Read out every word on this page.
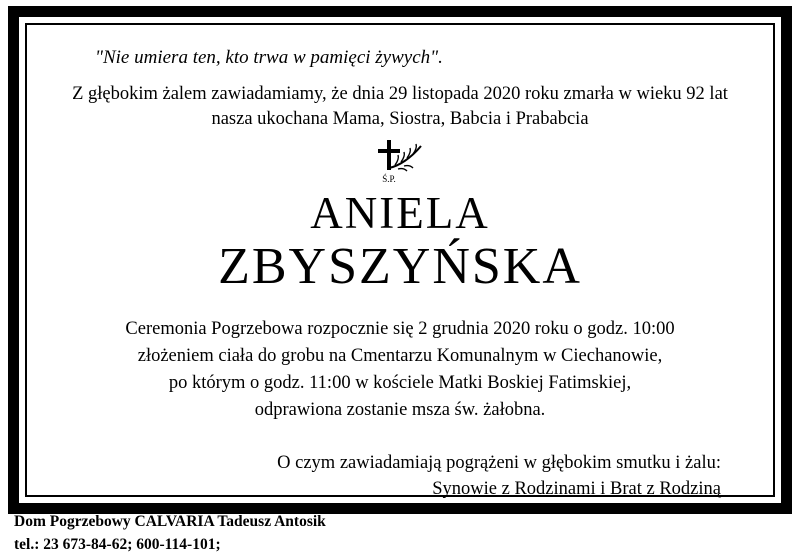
"Nie umiera ten, kto trwa w pamięci żywych".
Z głębokim żalem zawiadamiamy, że dnia 29 listopada 2020 roku zmarła w wieku 92 lat
nasza ukochana Mama, Siostra, Babcia i Prababcia
Ś.P.
ANIELA
ZBYSZYŃSKA
Ceremonia Pogrzebowa rozpocznie się 2 grudnia 2020 roku o godz. 10:00
złożeniem ciała do grobu na Cmentarzu Komunalnym w Ciechanowie,
po którym o godz. 11:00 w kościele Matki Boskiej Fatimskiej,
odprawiona zostanie msza św. żałobna.
O czym zawiadamiają pogrążeni w głębokim smutku i żalu:
Synowie z Rodzinami i Brat z Rodziną
Dom Pogrzebowy CALVARIA Tadeusz Antosik
tel.: 23 673-84-62; 600-114-101;
